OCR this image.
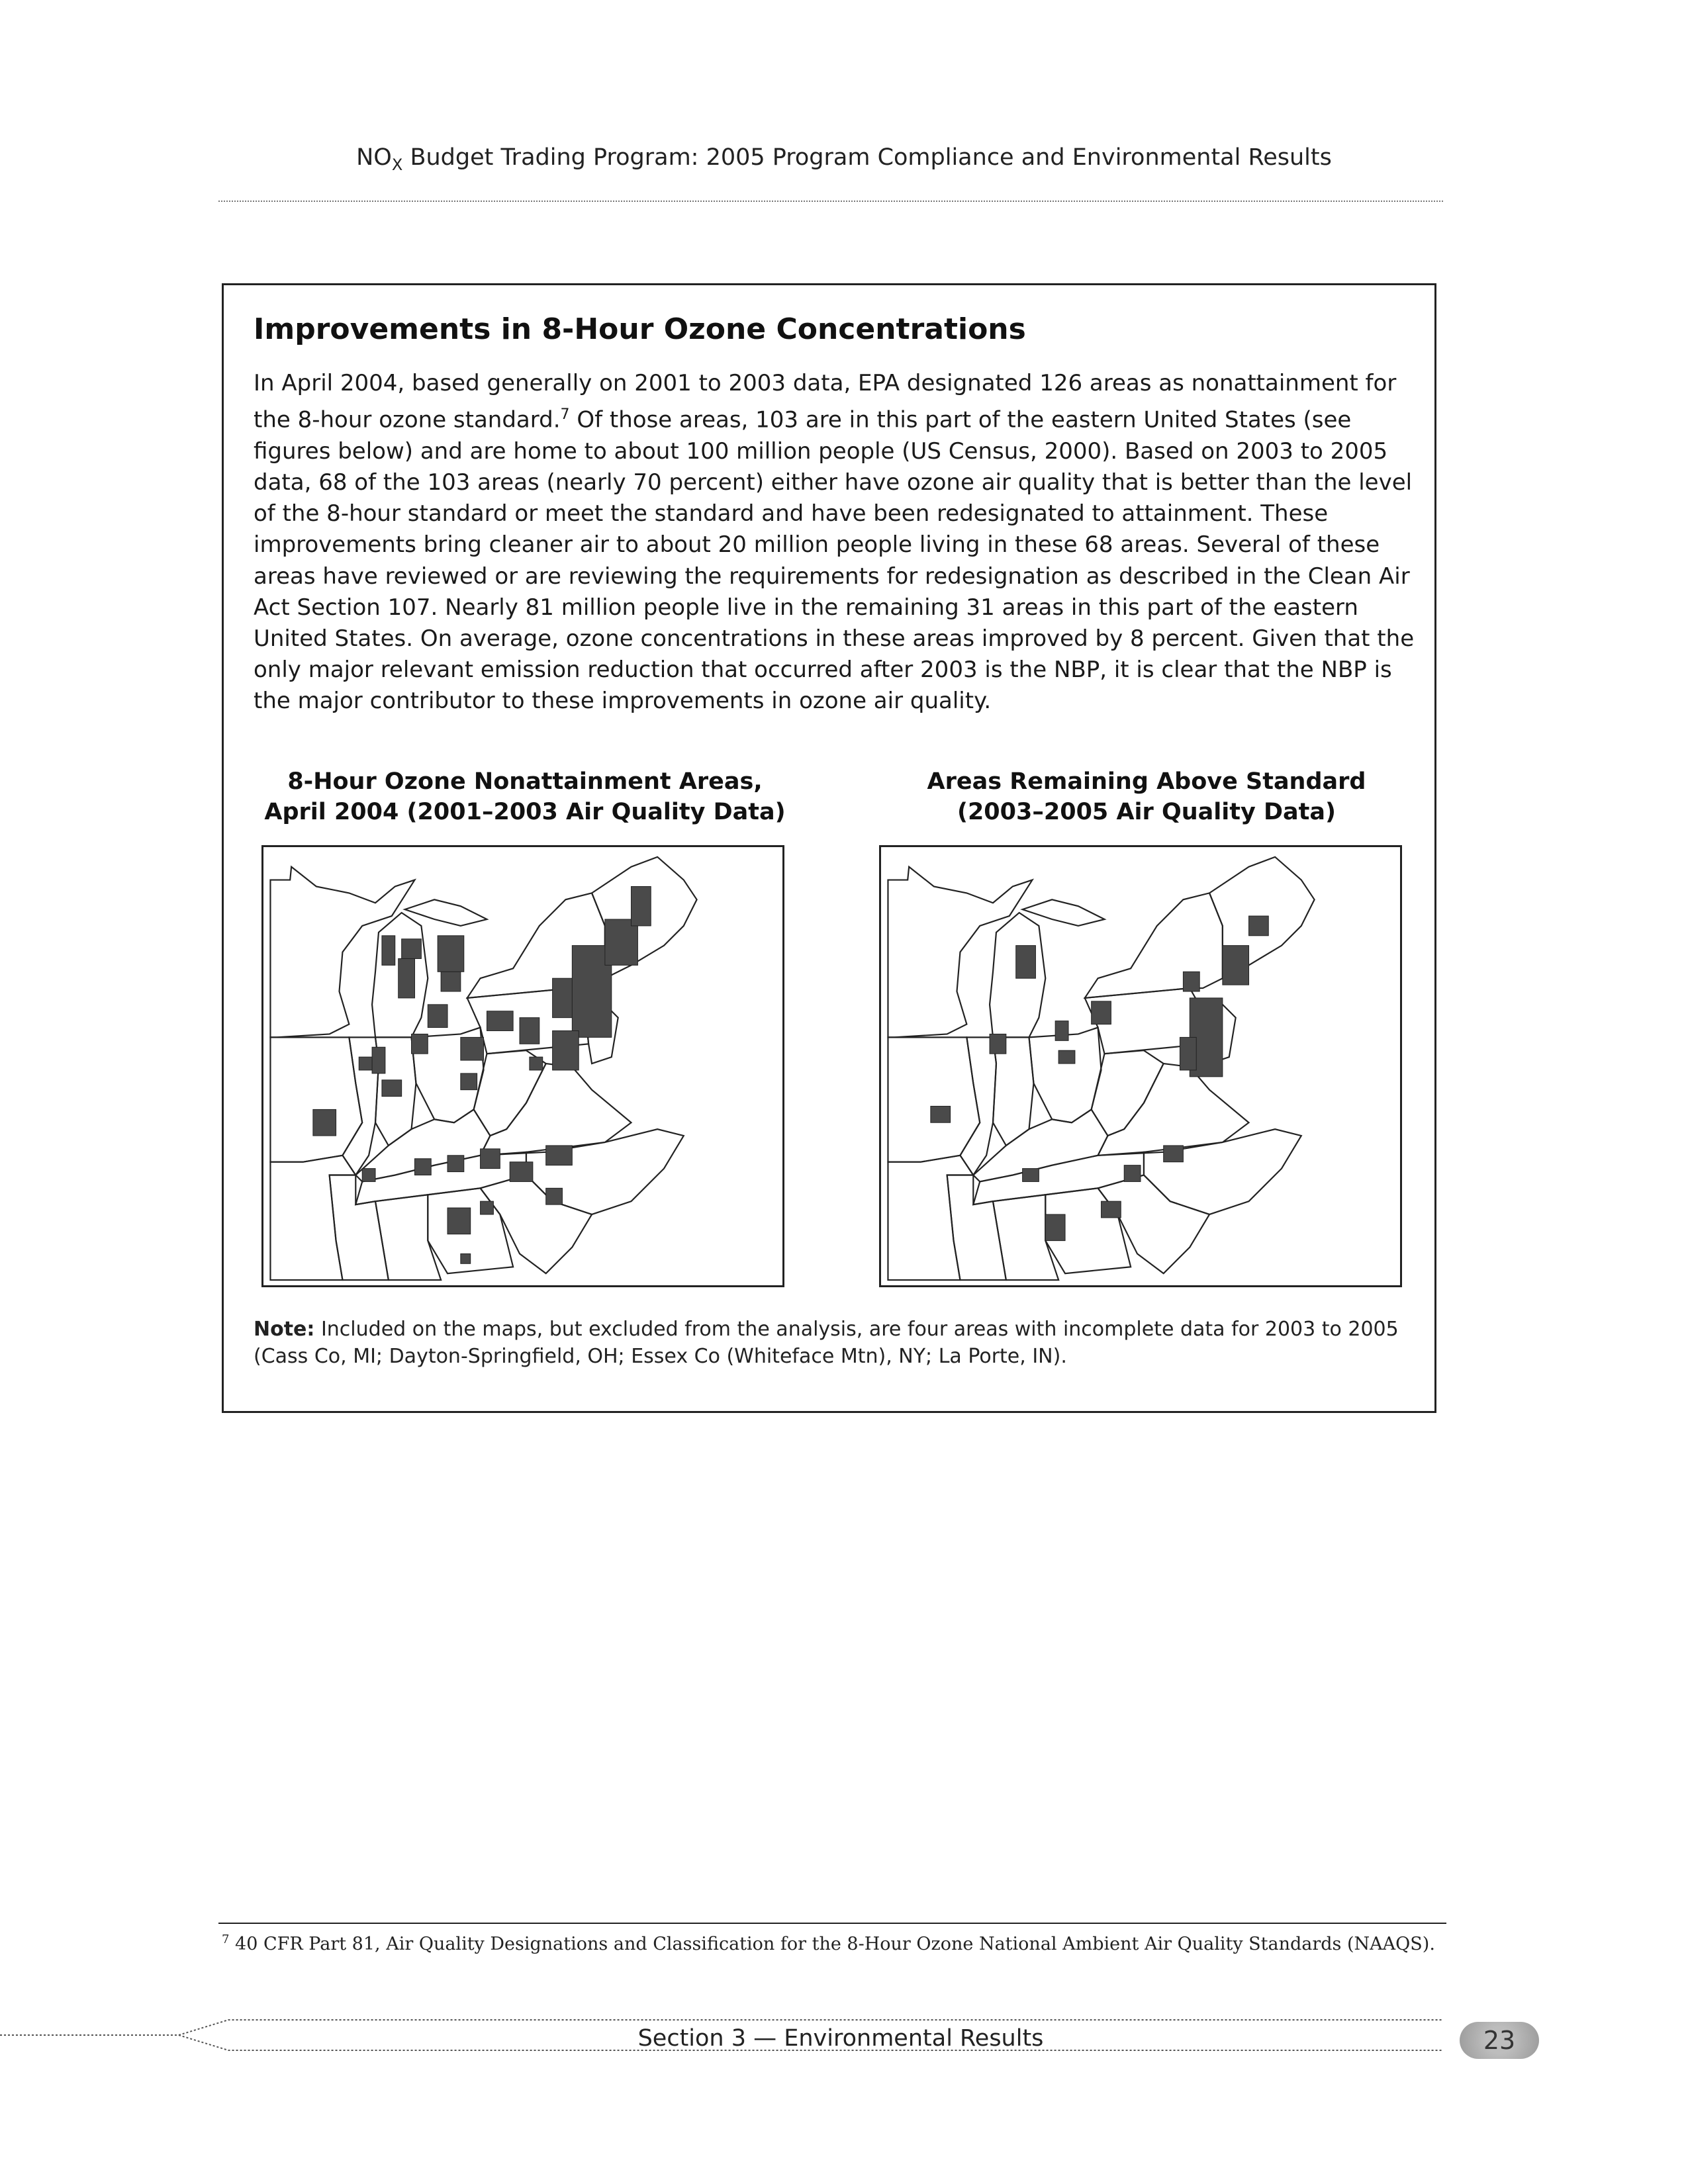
$NO_X$ Budget Trading Program: 2005 Program Compliance and Environmental Results
Improvements in 8-Hour Ozone Concentrations

In April 2004, based generally on 2001 to 2003 data, EPA designated 126 areas as nonattainment for the 8-hour ozone standard.$^7$ Of those areas, 103 are in this part of the eastern United States (see figures below) and are home to about 100 million people (US Census, 2000). Based on 2003 to 2005 data, 68 of the 103 areas (nearly 70 percent) either have ozone air quality that is better than the level of the 8-hour standard or meet the standard and have been redesignated to attainment. These improvements bring cleaner air to about 20 million people living in these 68 areas. Several of these areas have reviewed or are reviewing the requirements for redesignation as described in the Clean Air Act Section 107. Nearly 81 million people live in the remaining 31 areas in this part of the eastern United States. On average, ozone concentrations in these areas improved by 8 percent. Given that the only major relevant emission reduction that occurred after 2003 is the NBP, it is clear that the NBP is the major contributor to these improvements in ozone air quality.

8-Hour Ozone Nonattainment Areas,
April 2004 (2001–2003 Air Quality Data)
Areas Remaining Above Standard
(2003–2005 Air Quality Data)

Note: Included on the maps, but excluded from the analysis, are four areas with incomplete data for 2003 to 2005 (Cass Co, MI; Dayton-Springfield, OH; Essex Co (Whiteface Mtn), NY; La Porte, IN).

$^7$ 40 CFR Part 81, Air Quality Designations and Classification for the 8-Hour Ozone National Ambient Air Quality Standards (NAAQS).
Section 3 — Environmental Results	23
